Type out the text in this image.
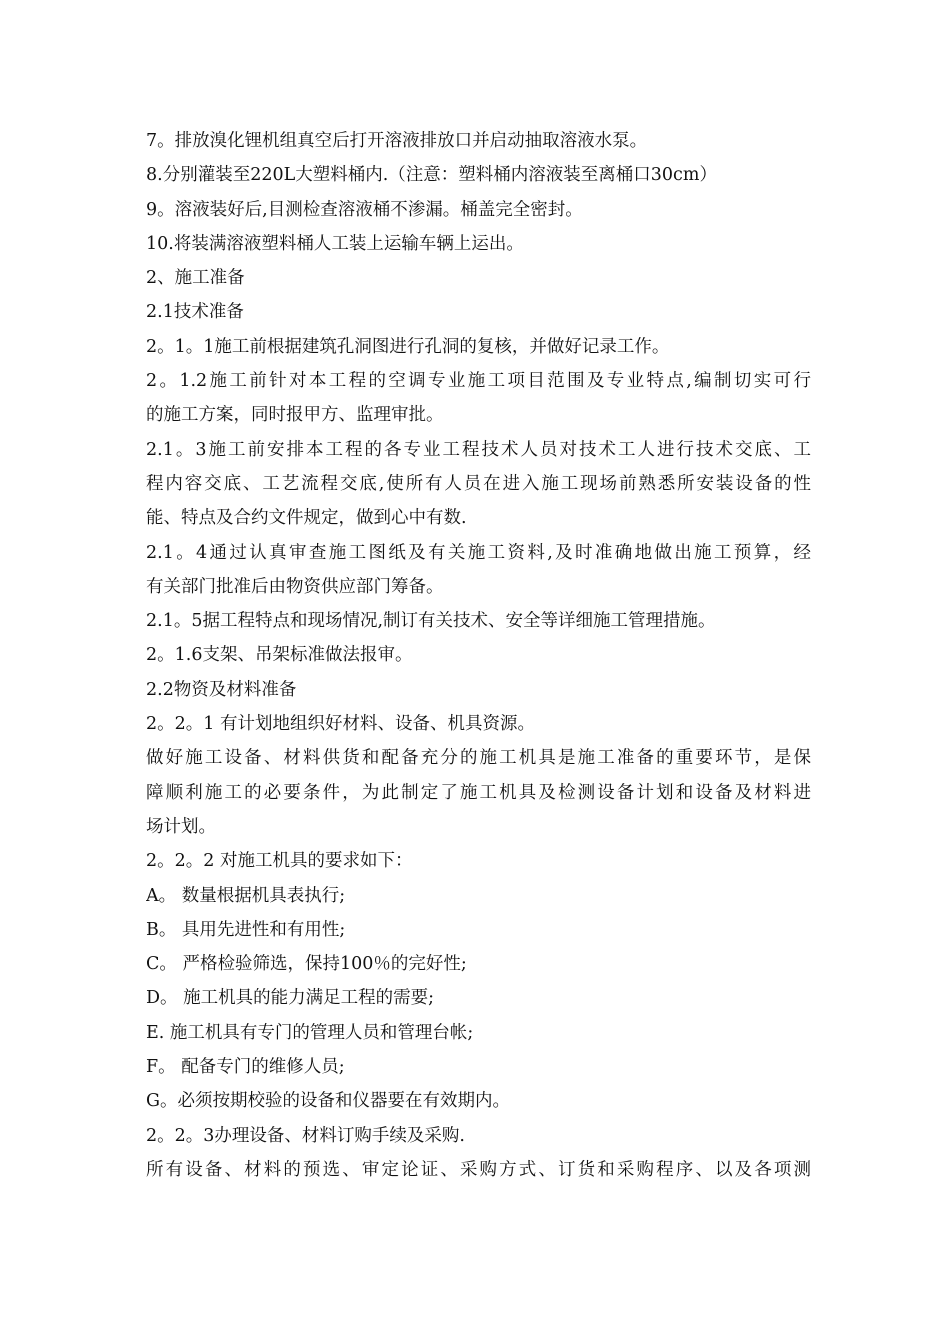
7。排放溴化锂机组真空后打开溶液排放口并启动抽取溶液水泵。
8.分别灌装至220L大塑料桶内.（注意：塑料桶内溶液装至离桶口30cm）
9。溶液装好后,目测检查溶液桶不渗漏。桶盖完全密封。
10.将装满溶液塑料桶人工装上运输车辆上运出。
2、施工准备
2.1技术准备
2。1。1施工前根据建筑孔洞图进行孔洞的复核，并做好记录工作。
2。1.2施工前针对本工程的空调专业施工项目范围及专业特点,编制切实可行
的施工方案，同时报甲方、监理审批。
2.1。3施工前安排本工程的各专业工程技术人员对技术工人进行技术交底、工
程内容交底、工艺流程交底,使所有人员在进入施工现场前熟悉所安装设备的性
能、特点及合约文件规定，做到心中有数.
2.1。4通过认真审查施工图纸及有关施工资料,及时准确地做出施工预算，经
有关部门批准后由物资供应部门筹备。
2.1。5据工程特点和现场情况,制订有关技术、安全等详细施工管理措施。
2。1.6支架、吊架标准做法报审。
2.2物资及材料准备
2。2。1 有计划地组织好材料、设备、机具资源。
做好施工设备、材料供货和配备充分的施工机具是施工准备的重要环节，是保
障顺利施工的必要条件，为此制定了施工机具及检测设备计划和设备及材料进
场计划。
2。2。2 对施工机具的要求如下：
A。 数量根据机具表执行;
B。 具用先进性和有用性;
C。 严格检验筛选，保持100％的完好性;
D。 施工机具的能力满足工程的需要;
E. 施工机具有专门的管理人员和管理台帐;
F。 配备专门的维修人员;
G。必须按期校验的设备和仪器要在有效期内。
2。2。3办理设备、材料订购手续及采购.
所有设备、材料的预选、审定论证、采购方式、订货和采购程序、以及各项测
